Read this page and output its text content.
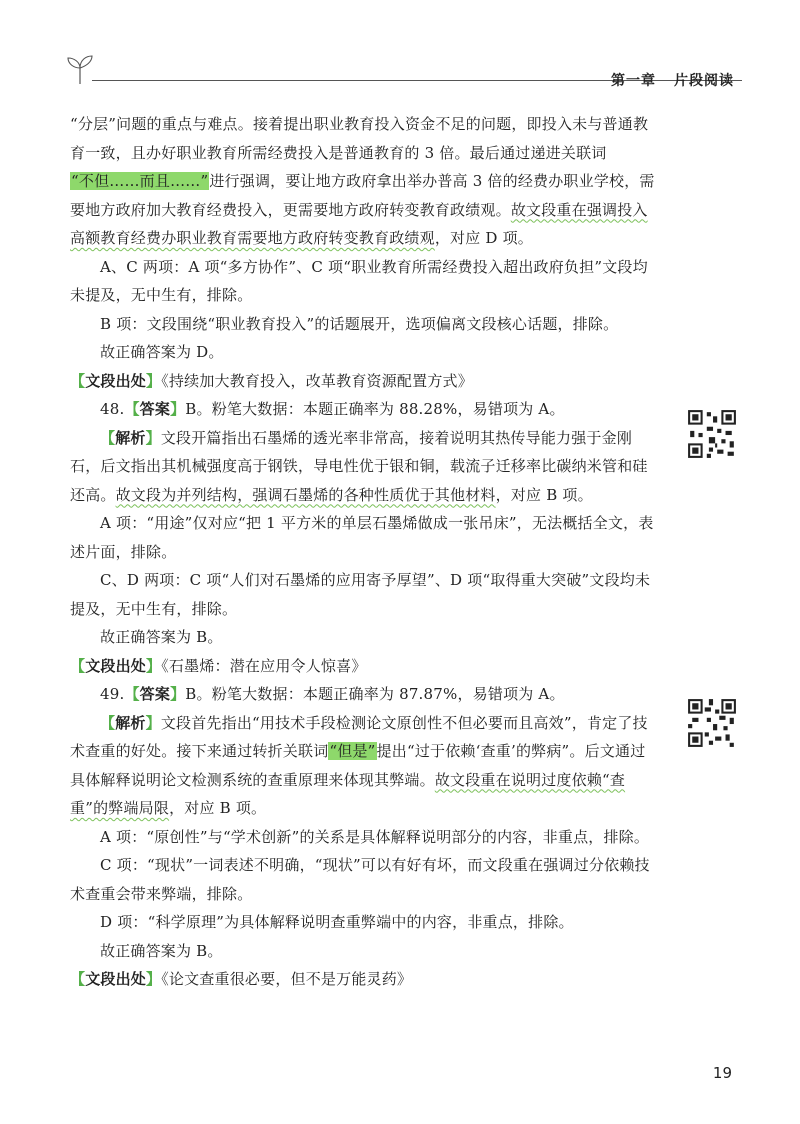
第一章 片段阅读

“分层”问题的重点与难点。接着提出职业教育投入资金不足的问题，即投入未与普通教育一致，且办好职业教育所需经费投入是普通教育的 3 倍。最后通过递进关联词
“不但……而且……”进行强调，要让地方政府拿出举办普高 3 倍的经费办职业学校，需要地方政府加大教育经费投入，更需要地方政府转变教育政绩观。故文段重在强调投入高额教育经费办职业教育需要地方政府转变教育政绩观，对应 D 项。

A、C 两项：A 项“多方协作”、C 项“职业教育所需经费投入超出政府负担”文段均未提及，无中生有，排除。

B 项：文段围绕“职业教育投入”的话题展开，选项偏离文段核心话题，排除。

故正确答案为 D。

【文段出处】《持续加大教育投入，改革教育资源配置方式》

48.【答案】B。粉笔大数据：本题正确率为 88.28%，易错项为 A。

【解析】文段开篇指出石墨烯的透光率非常高，接着说明其热传导能力强于金刚石，后文指出其机械强度高于钢铁，导电性优于银和铜，载流子迁移率比碳纳米管和硅还高。故文段为并列结构，强调石墨烯的各种性质优于其他材料，对应 B 项。

A 项：“用途”仅对应“把 1 平方米的单层石墨烯做成一张吊床”，无法概括全文，表述片面，排除。

C、D 两项：C 项“人们对石墨烯的应用寄予厚望”、D 项“取得重大突破”文段均未提及，无中生有，排除。

故正确答案为 B。

【文段出处】《石墨烯：潜在应用令人惊喜》

49.【答案】B。粉笔大数据：本题正确率为 87.87%，易错项为 A。

【解析】文段首先指出“用技术手段检测论文原创性不但必要而且高效”，肯定了技术查重的好处。接下来通过转折关联词“但是”提出“过于依赖‘查重’的弊病”。后文通过具体解释说明论文检测系统的查重原理来体现其弊端。故文段重在说明过度依赖“查重”的弊端局限，对应 B 项。

A 项：“原创性”与“学术创新”的关系是具体解释说明部分的内容，非重点，排除。

C 项：“现状”一词表述不明确，“现状”可以有好有坏，而文段重在强调过分依赖技术查重会带来弊端，排除。

D 项：“科学原理”为具体解释说明查重弊端中的内容，非重点，排除。

故正确答案为 B。

【文段出处】《论文查重很必要，但不是万能灵药》

19
